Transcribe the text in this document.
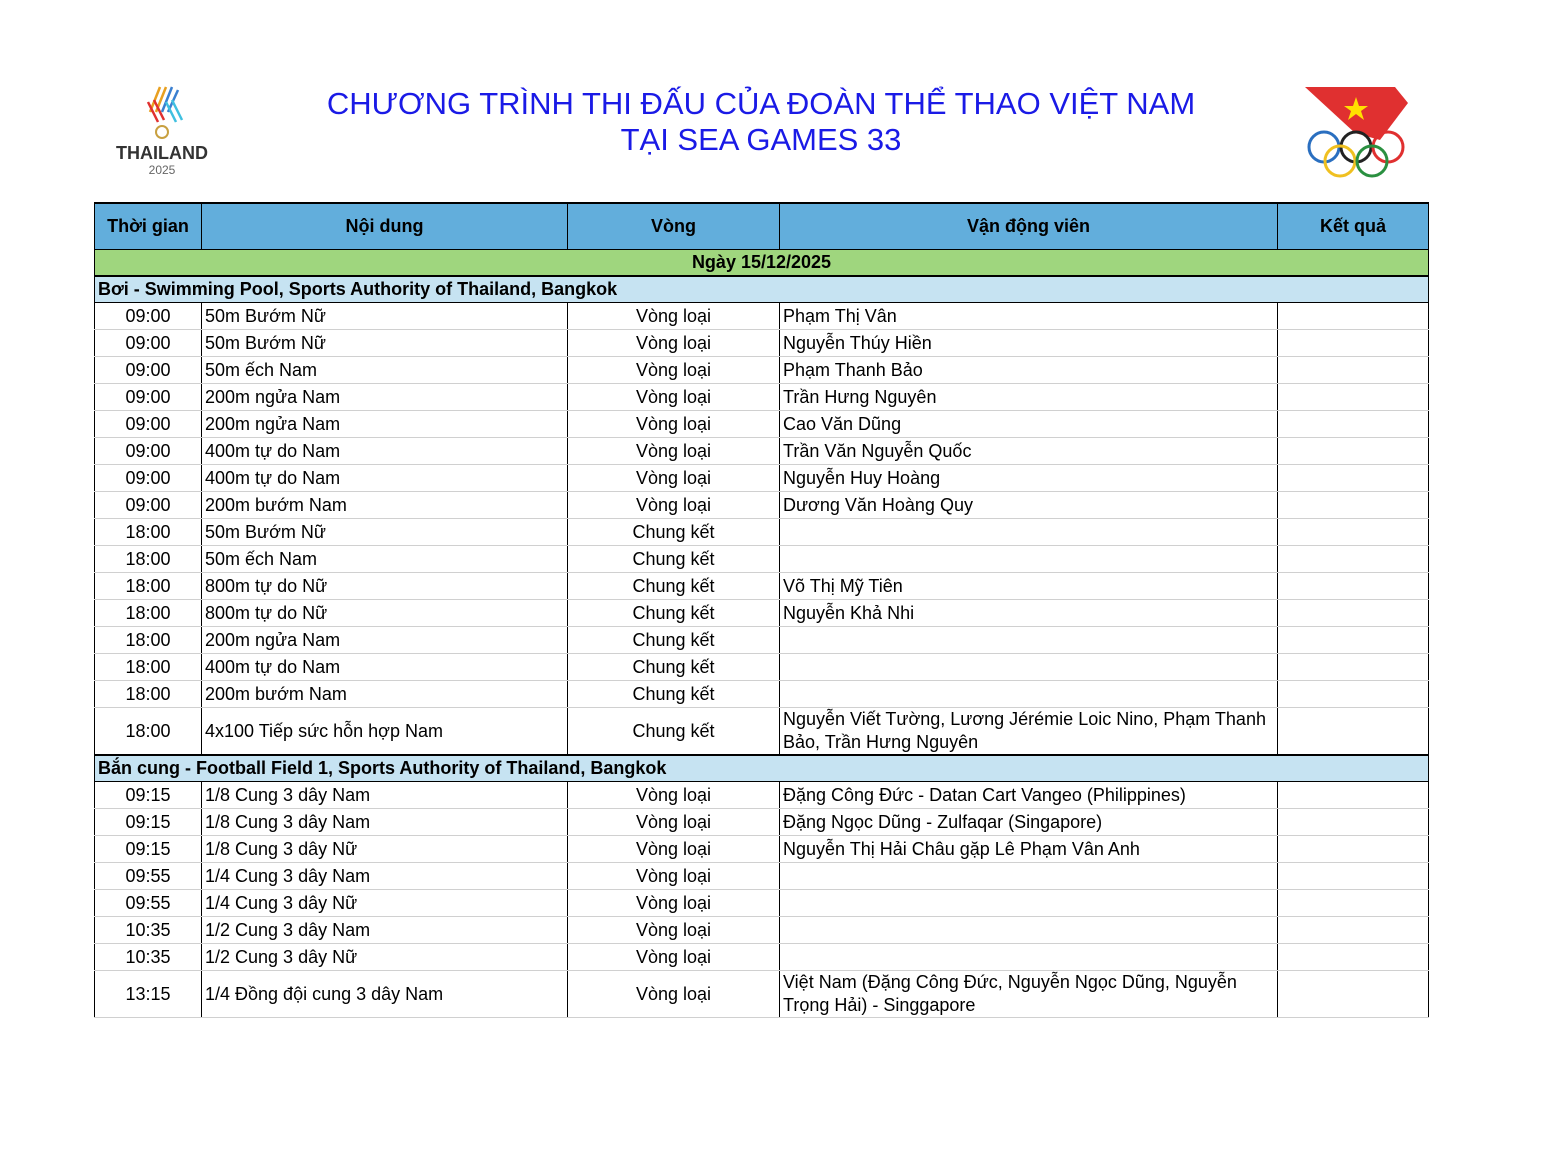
THAILAND
2025
CHƯƠNG TRÌNH THI ĐẤU CỦA ĐOÀN THỂ THAO VIỆT NAM
TẠI SEA GAMES 33
Thời gian	Nội dung	Vòng	Vận động viên	Kết quả
Ngày 15/12/2025				
Bơi - Swimming Pool, Sports Authority of Thailand, Bangkok				
09:00	50m Bướm Nữ	Vòng loại	Phạm Thị Vân	
09:00	50m Bướm Nữ	Vòng loại	Nguyễn Thúy Hiền	
09:00	50m ếch Nam	Vòng loại	Phạm Thanh Bảo	
09:00	200m ngửa Nam	Vòng loại	Trần Hưng Nguyên	
09:00	200m ngửa Nam	Vòng loại	Cao Văn Dũng	
09:00	400m tự do Nam	Vòng loại	Trần Văn Nguyễn Quốc	
09:00	400m tự do Nam	Vòng loại	Nguyễn Huy Hoàng	
09:00	200m bướm Nam	Vòng loại	Dương Văn Hoàng Quy	
18:00	50m Bướm Nữ	Chung kết		
18:00	50m ếch Nam	Chung kết		
18:00	800m tự do Nữ	Chung kết	Võ Thị Mỹ Tiên	
18:00	800m tự do Nữ	Chung kết	Nguyễn Khả Nhi	
18:00	200m ngửa Nam	Chung kết		
18:00	400m tự do Nam	Chung kết		
18:00	200m bướm Nam	Chung kết		
18:00	4x100 Tiếp sức hỗn hợp Nam	Chung kết	Nguyễn Viết Tường, Lương Jérémie Loic Nino, Phạm Thanh Bảo, Trần Hưng Nguyên	
Bắn cung - Football Field 1, Sports Authority of Thailand, Bangkok				
09:15	1/8 Cung 3 dây Nam	Vòng loại	Đặng Công Đức - Datan Cart Vangeo (Philippines)	
09:15	1/8 Cung 3 dây Nam	Vòng loại	Đặng Ngọc Dũng - Zulfaqar (Singapore)	
09:15	1/8 Cung 3 dây Nữ	Vòng loại	Nguyễn Thị Hải Châu gặp Lê Phạm Vân Anh	
09:55	1/4 Cung 3 dây Nam	Vòng loại		
09:55	1/4 Cung 3 dây Nữ	Vòng loại		
10:35	1/2 Cung 3 dây Nam	Vòng loại		
10:35	1/2 Cung 3 dây Nữ	Vòng loại		
13:15	1/4 Đồng đội cung 3 dây Nam	Vòng loại	Việt Nam (Đặng Công Đức, Nguyễn Ngọc Dũng, Nguyễn Trọng Hải) - Singgapore	
